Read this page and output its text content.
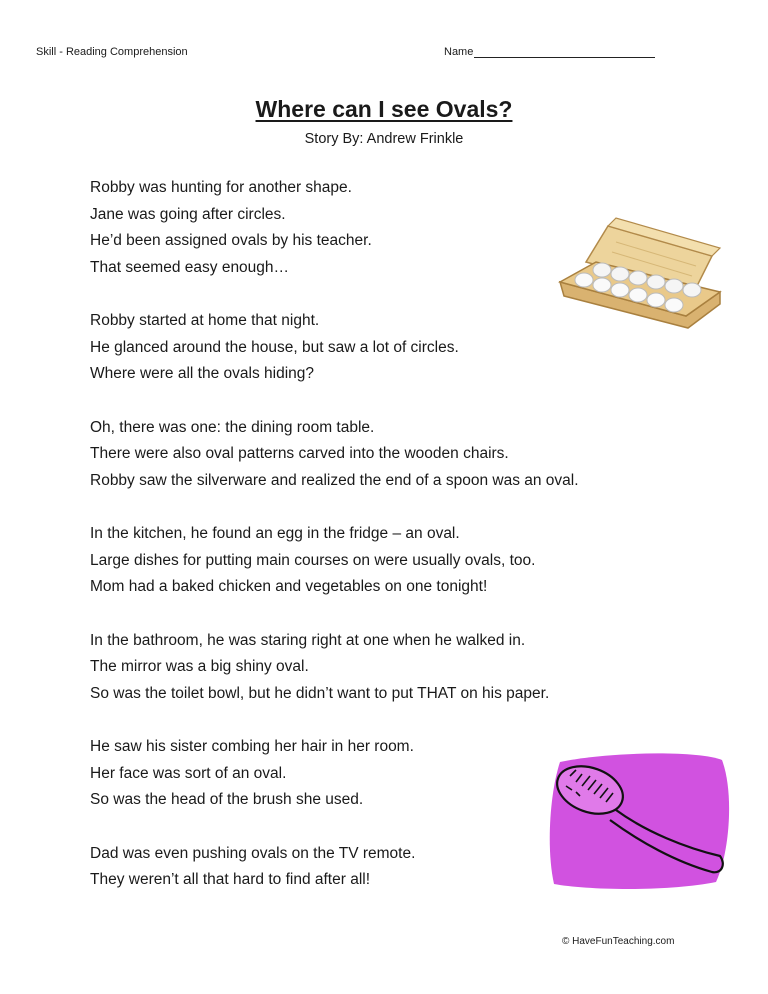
Skill - Reading Comprehension	Name
Where can I see Ovals?
Story By: Andrew Frinkle
Robby was hunting for another shape.
Jane was going after circles.
He’d been assigned ovals by his teacher.
That seemed easy enough…
Robby started at home that night.
He glanced around the house, but saw a lot of circles.
Where were all the ovals hiding?
Oh, there was one: the dining room table.
There were also oval patterns carved into the wooden chairs.
Robby saw the silverware and realized the end of a spoon was an oval.
In the kitchen, he found an egg in the fridge – an oval.
Large dishes for putting main courses on were usually ovals, too.
Mom had a baked chicken and vegetables on one tonight!
In the bathroom, he was staring right at one when he walked in.
The mirror was a big shiny oval.
So was the toilet bowl, but he didn’t want to put THAT on his paper.
He saw his sister combing her hair in her room.
Her face was sort of an oval.
So was the head of the brush she used.
Dad was even pushing ovals on the TV remote.
They weren’t all that hard to find after all!
© HaveFunTeaching.com
